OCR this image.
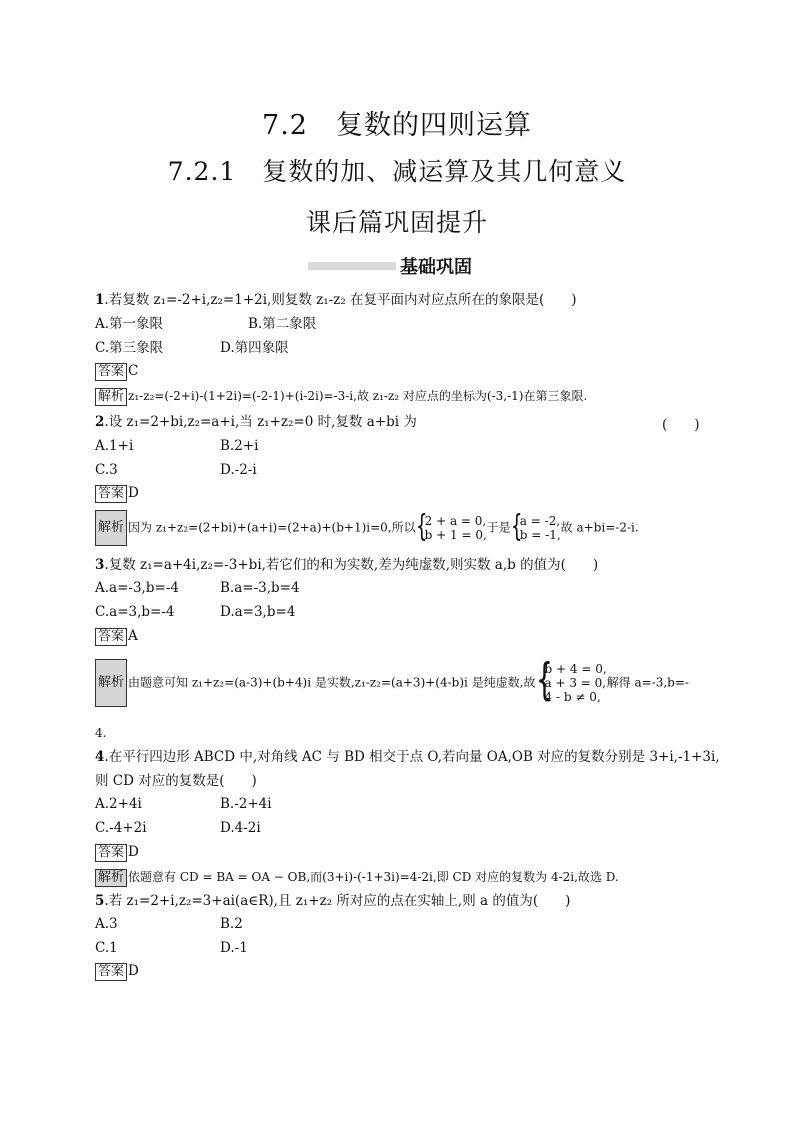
7.2　复数的四则运算
7.2.1　复数的加、减运算及其几何意义
课后篇巩固提升
基础巩固
1.若复数 z₁=-2+i,z₂=1+2i,则复数 z₁-z₂ 在复平面内对应点所在的象限是(　　)
A.第一象限	B.第二象限
C.第三象限	D.第四象限
答案 C
解析 z₁-z₂=(-2+i)-(1+2i)=(-2-1)+(i-2i)=-3-i,故 z₁-z₂ 对应点的坐标为(-3,-1)在第三象限.
2.设 z₁=2+bi,z₂=a+i,当 z₁+z₂=0 时,复数 a+bi 为	(　　)
A.1+i	B.2+i
C.3	D.-2-i
答案 D
解析 因为 z₁+z₂=(2+bi)+(a+i)=(2+a)+(b+1)i=0,所以 {
2 + a = 0,
b + 1 = 0,
于是 {
a = -2,
b = -1,
故 a+bi=-2-i.
3.复数 z₁=a+4i,z₂=-3+bi,若它们的和为实数,差为纯虚数,则实数 a,b 的值为(　　)
A.a=-3,b=-4	B.a=-3,b=4
C.a=3,b=-4	D.a=3,b=4
答案 A
解析 由题意可知 z₁+z₂=(a-3)+(b+4)i 是实数,z₁-z₂=(a+3)+(4-b)i 是纯虚数,故 {
b + 4 = 0,
a + 3 = 0,
4 - b ≠ 0,
解得 a=-3,b=-
4.
4.在平行四边形 ABCD 中,对角线 AC 与 BD 相交于点 O,若向量 OA,OB 对应的复数分别是 3+i,-1+3i,
则 CD 对应的复数是(　　)
A.2+4i	B.-2+4i
C.-4+2i	D.4-2i
答案 D
解析 依题意有 CD = BA = OA − OB,而(3+i)-(-1+3i)=4-2i,即 CD 对应的复数为 4-2i,故选 D.
5.若 z₁=2+i,z₂=3+ai(a∈R),且 z₁+z₂ 所对应的点在实轴上,则 a 的值为(　　)
A.3	B.2
C.1	D.-1
答案 D
